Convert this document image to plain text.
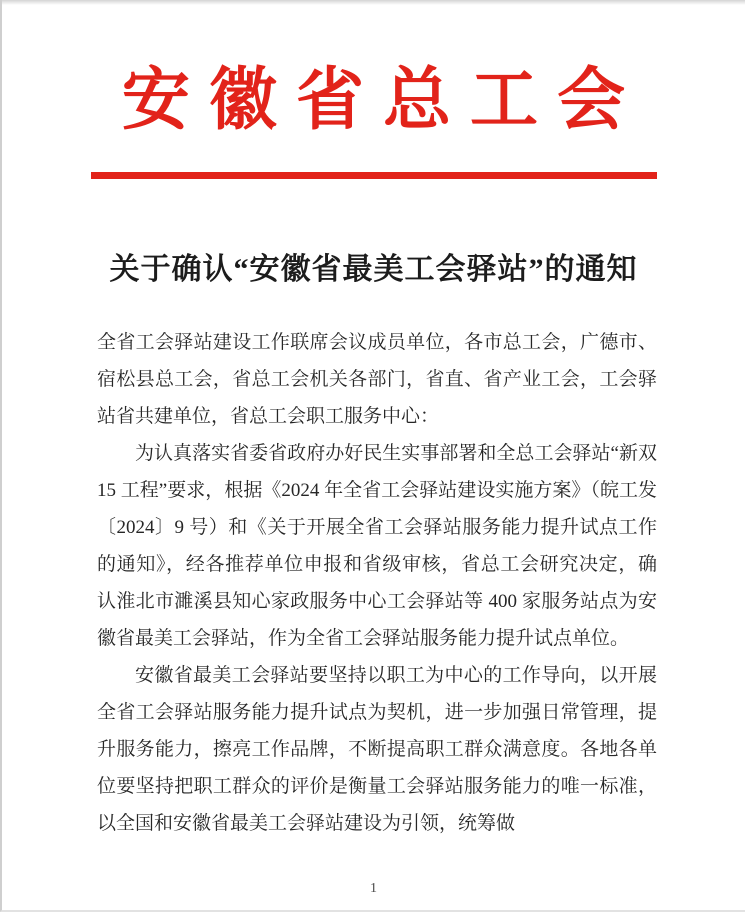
安徽省总工会
关于确认“安徽省最美工会驿站”的通知

全省工会驿站建设工作联席会议成员单位，各市总工会，广德市、宿松县总工会，省总工会机关各部门，省直、省产业工会，工会驿站省共建单位，省总工会职工服务中心：

为认真落实省委省政府办好民生实事部署和全总工会驿站“新双 15 工程”要求，根据《2024 年全省工会驿站建设实施方案》（皖工发〔2024〕9 号）和《关于开展全省工会驿站服务能力提升试点工作的通知》，经各推荐单位申报和省级审核，省总工会研究决定，确认淮北市濉溪县知心家政服务中心工会驿站等 400 家服务站点为安徽省最美工会驿站，作为全省工会驿站服务能力提升试点单位。

安徽省最美工会驿站要坚持以职工为中心的工作导向，以开展全省工会驿站服务能力提升试点为契机，进一步加强日常管理，提升服务能力，擦亮工作品牌，不断提高职工群众满意度。各地各单位要坚持把职工群众的评价是衡量工会驿站服务能力的唯一标准，以全国和安徽省最美工会驿站建设为引领，统筹做

1
